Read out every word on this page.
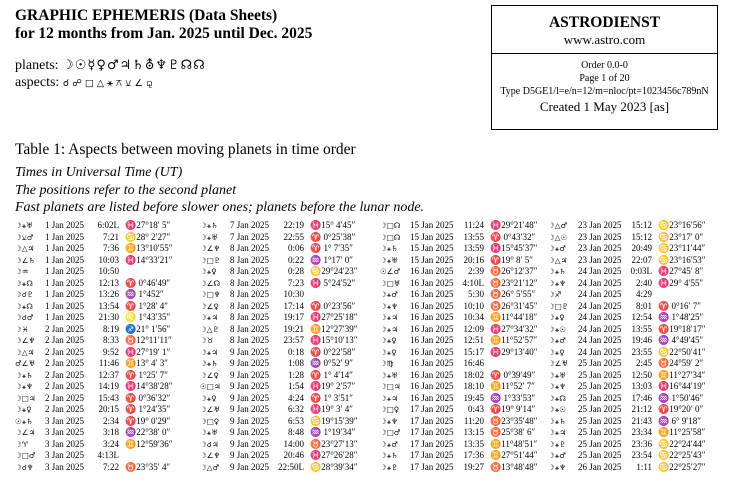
GRAPHIC EPHEMERIS (Data Sheets)
for 12 months from Jan. 2025 until Dec. 2025
planets: ☽☉☿♀♂♃♄⛢♆♇☊☊
aspects: ☌☍□△⚹⚻⚺∠⚼
ASTRODIENST
www.astro.com
Order 0.0-0
Page 1 of 20
Type D5GE1/l=e/n=12/m=nloc/pt=1023456c789nN
Created 1 May 2023 [as]
Table 1: Aspects between moving planets in time order
Times in Universal Time (UT)
The positions refer to the second planet
Fast planets are listed before slower ones; planets before the lunar node.
☽⚹♅ 1 Jan 2025 6:02L ♓27°18′ 5″
☽⚺♂ 1 Jan 2025 7:21 ♋28° 2′27″
☽△♃ 1 Jan 2025 7:36 ♊13°10′55″
☽∠♄ 1 Jan 2025 10:03 ♓14°33′21″
☽♒ 1 Jan 2025 10:50
☽⚹☊ 1 Jan 2025 12:13 ♈ 0°46′49″
☽☌♇ 1 Jan 2025 13:26 ♒ 1°452″
☽⚹☊ 1 Jan 2025 13:54 ♈ 1°28′ 4″
☽☌♂ 1 Jan 2025 21:30 ♌ 1°43′35″
☽♓ 2 Jan 2025 8:19 ♐21° 1′56″
☽∠♆ 2 Jan 2025 8:33 ♉12°11′11″
☽△♃ 2 Jan 2025 9:52 ♓27°19′ 1″
♂∠♅ 2 Jan 2025 11:46 ♊13° 4′ 3″
☽⚹♄ 2 Jan 2025 12:37 ♈ 1°25′ 7″
☽⚹♆ 2 Jan 2025 14:19 ♓14°38′28″
☽□♃ 2 Jan 2025 15:43 ♈ 0°36′32″
☽⚹♀ 2 Jan 2025 20:15 ♈ 1°24′35″
☉⚹♄ 3 Jan 2025 2:34 ♈19° 0′29″
☽∠♃ 3 Jan 2025 3:18 ♒22°38′ 0″
☽♈ 3 Jan 2025 3:24 ♊12°59′36″
☽□♂ 3 Jan 2025 4:13L
☽☌♆ 3 Jan 2025 7:22 ♉23°35′ 4″
☽⚹♄ 7 Jan 2025 22:19 ♓15° 4′45″
☽⚹♅ 7 Jan 2025 22:55 ♈ 0°25′38″
☽∠♆ 8 Jan 2025 0:06 ♈ 1° 7′35″
☽□♇ 8 Jan 2025 0:22 ♒ 1°17′ 0″
☽⚹♀ 8 Jan 2025 0:28 ♋29°24′23″
☽∠☊ 8 Jan 2025 7:23 ♓ 5°24′52″
☽□♆ 8 Jan 2025 10:30
☽∠♀ 8 Jan 2025 17:14 ♈ 0°23′56″
☽⚹♃ 8 Jan 2025 19:17 ♓27°25′18″
☽△♇ 8 Jan 2025 19:21 ♊12°27′39″
☽♉ 8 Jan 2025 23:57 ♓15°10′13″
☽⚹♃ 9 Jan 2025 0:18 ♈ 0°22′58″
☽⚹♄ 9 Jan 2025 1:08 ♒ 0°52′ 9″
☽∠♀ 9 Jan 2025 1:28 ♈ 1° 4′14″
☉□♃ 9 Jan 2025 1:54 ♓19° 2′57″
☽⚹♀ 9 Jan 2025 4:24 ♈ 1° 3′51″
☽∠♅ 9 Jan 2025 6:32 ♓19° 3′ 4″
☽□♀ 9 Jan 2025 6:53 ♋19°15′39″
☽⚹♅ 9 Jan 2025 8:48 ♒ 1°19′34″
☽☌♃ 9 Jan 2025 14:00 ♉23°27′13″
☽∠♆ 9 Jan 2025 20:46 ♓27°26′28″
☽△♂ 9 Jan 2025 22:50L ♋28°39′34″
☽□☊ 15 Jan 2025 11:24 ♓29°21′48″
☽□☊ 15 Jan 2025 13:55 ♈ 0°43′32″
☽⚹♄ 15 Jan 2025 13:59 ♓15°45′37″
☽⚹♅ 15 Jan 2025 20:16 ♈19° 8′ 5″
☉∠♂ 16 Jan 2025 2:39 ♉26°12′37″
☽□♅ 16 Jan 2025 4:10L ♉23°21′12″
☽⚹♂ 16 Jan 2025 5:30 ♉26° 5′55″
☽⚹♆ 16 Jan 2025 10:10 ♉26°31′45″
☽⚹♃ 16 Jan 2025 10:34 ♊11°44′18″
☽⚹♃ 16 Jan 2025 12:09 ♓27°34′32″
☽⚹♀ 16 Jan 2025 12:51 ♊11°52′57″
☽⚹♀ 16 Jan 2025 15:17 ♓29°13′40″
☽♍ 16 Jan 2025 16:46
☽⚹♅ 16 Jan 2025 18:02 ♈ 0°39′49″
☽□♃ 16 Jan 2025 18:10 ♊11°52′ 7″
☽⚹♃ 16 Jan 2025 19:45 ♒ 1°33′53″
☽□♀ 17 Jan 2025 0:43 ♈19° 9′14″
☽⚹♆ 17 Jan 2025 11:20 ♉23°35′48″
☽□♂ 17 Jan 2025 13:15 ♉25°38′ 6″
☽⚹♂ 17 Jan 2025 13:35 ♊11°48′51″
☽⚹♄ 17 Jan 2025 17:36 ♊27°51′44″
☽⚹♇ 17 Jan 2025 19:27 ♉13°48′48″
☽△♂ 23 Jan 2025 15:12 ♋23°16′56″
☽△☉ 23 Jan 2025 15:12 ♋23°17′ 0″
☽⚹♂ 23 Jan 2025 20:49 ♋23°11′44″
☽△♃ 23 Jan 2025 22:07 ♋23°16′53″
☽⚹♄ 24 Jan 2025 0:03L ♓27°45′ 8″
☽⚹♆ 24 Jan 2025 2:40 ♓29° 4′55″
☽♐ 24 Jan 2025 4:29
☽□♇ 24 Jan 2025 8:01 ♈ 0°16′ 7″
☽⚹♀ 24 Jan 2025 12:54 ♒ 1°48′25″
☽⚹☉ 24 Jan 2025 13:55 ♈19°18′17″
☽⚹♂ 24 Jan 2025 19:46 ♒ 4°49′45″
☽⚹♀ 24 Jan 2025 23:55 ♋22°50′41″
☽∠♅ 25 Jan 2025 2:45 ♉24°59′ 2″
☽⚹♅ 25 Jan 2025 12:50 ♊11°27′34″
☽⚹♆ 25 Jan 2025 13:03 ♓16°44′19″
☽⚹☊ 25 Jan 2025 17:46 ♒ 1°50′46″
☽⚹☉ 25 Jan 2025 21:12 ♈19°20′ 0″
☽⚹♄ 25 Jan 2025 21:43 ♒ 6° 9′18″
☽⚹♃ 25 Jan 2025 23:34 ♊11°25′58″
☽⚹♇ 25 Jan 2025 23:36 ♋22°24′44″
☽⚹♂ 25 Jan 2025 23:54 ♋22°25′43″
☽⚹♆ 26 Jan 2025 1:11 ♋22°25′27″
